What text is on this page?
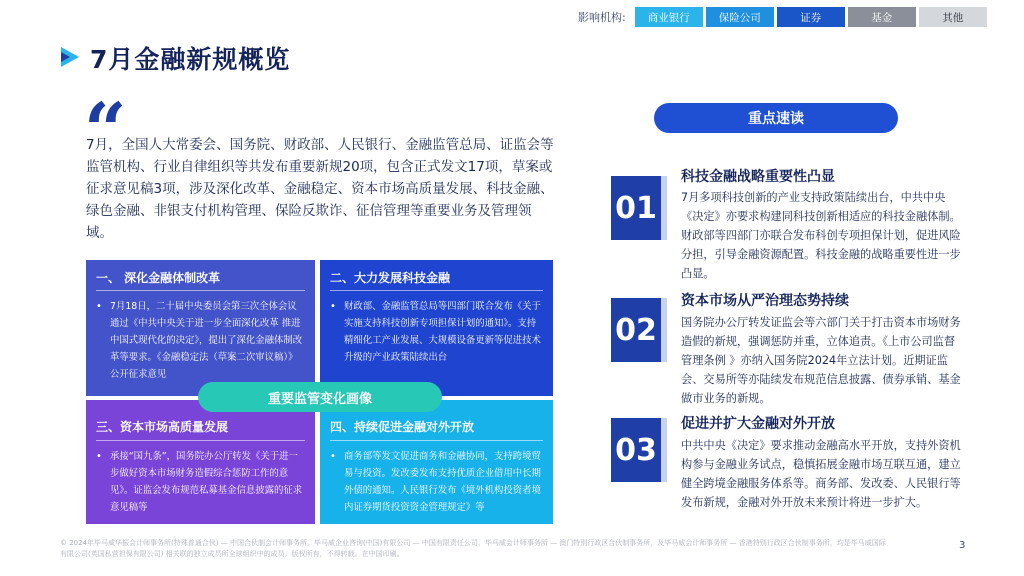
7月金融新规概览
影响机构:	商业银行	保险公司	证券	基金	其他
“

7月，全国人大常委会、国务院、财政部、人民银行、金融监管总局、证监会等监管机构、行业自律组织等共发布重要新规20项，包含正式发文17项，草案或征求意见稿3项，涉及深化改革、金融稳定、资本市场高质量发展、科技金融、绿色金融、非银支付机构管理、保险反欺诈、征信管理等重要业务及管理领域。

一、 深化金融体制改革
• 7月18日，二十届中央委员会第三次全体会议通过《中共中央关于进一步全面深化改革 推进中国式现代化的决定》，提出了深化金融体制改革等要求。《金融稳定法（草案二次审议稿）》公开征求意见
二、大力发展科技金融
• 财政部、金融监管总局等四部门联合发布《关于实施支持科技创新专项担保计划的通知》。支持精细化工产业发展、大规模设备更新等促进技术升级的产业政策陆续出台
三、资本市场高质量发展
• 承接“国九条”，国务院办公厅转发《关于进一步做好资本市场财务造假综合惩防工作的意见》。证监会发布规范私募基金信息披露的征求意见稿等
四、持续促进金融对外开放
• 商务部等发文促进商务和金融协同，支持跨境贸易与投资。发改委发布支持优质企业借用中长期外债的通知。人民银行发布《境外机构投资者境内证券期货投资资金管理规定》等
重要监管变化画像
重点速读
01
科技金融战略重要性凸显
7月多项科技创新的产业支持政策陆续出台，中共中央《决定》亦要求构建同科技创新相适应的科技金融体制。财政部等四部门亦联合发布科创专项担保计划，促进风险分担，引导金融资源配置。科技金融的战略重要性进一步凸显。
02
资本市场从严治理态势持续
国务院办公厅转发证监会等六部门关于打击资本市场财务造假的新规，强调惩防并重，立体追责。《上市公司监督管理条例 》亦纳入国务院2024年立法计划。近期证监会、交易所等亦陆续发布规范信息披露、债券承销、基金做市业务的新规。
03
促进并扩大金融对外开放
中共中央《决定》要求推动金融高水平开放，支持外资机构参与金融业务试点，稳慎拓展金融市场互联互通，建立健全跨境金融服务体系等。商务部、发改委、人民银行等发布新规，金融对外开放未来预计将进一步扩大。
© 2024年毕马威华振会计师事务所(特殊普通合伙) — 中国合伙制会计师事务所，毕马威企业咨询(中国)有限公司 — 中国有限责任公司，毕马威会计师事务所 — 澳门特别行政区合伙制事务所，及毕马威会计师事务所 — 香港特别行政区合伙制事务所，均是毕马威国际有限公司(英国私营担保有限公司) 相关联的独立成员所全球组织中的成员。版权所有，不得转载。在中国印刷。
3
